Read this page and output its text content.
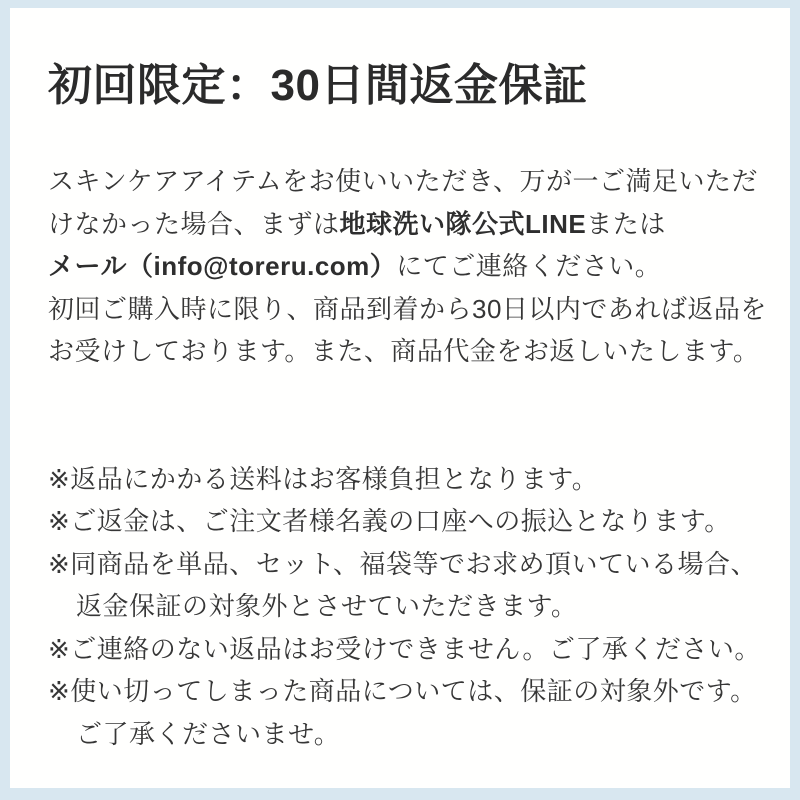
初回限定：30日間返金保証
スキンケアアイテムをお使いいただき、万が一ご満足いただ
けなかった場合、まずは地球洗い隊公式LINEまたは
メール（info@toreru.com）にてご連絡ください。
初回ご購入時に限り、商品到着から30日以内であれば返品を
お受けしております。また、商品代金をお返しいたします。
※返品にかかる送料はお客様負担となります。
※ご返金は、ご注文者様名義の口座への振込となります。
※同商品を単品、セット、福袋等でお求め頂いている場合、
返金保証の対象外とさせていただきます。
※ご連絡のない返品はお受けできません。ご了承ください。
※使い切ってしまった商品については、保証の対象外です。
ご了承くださいませ。
